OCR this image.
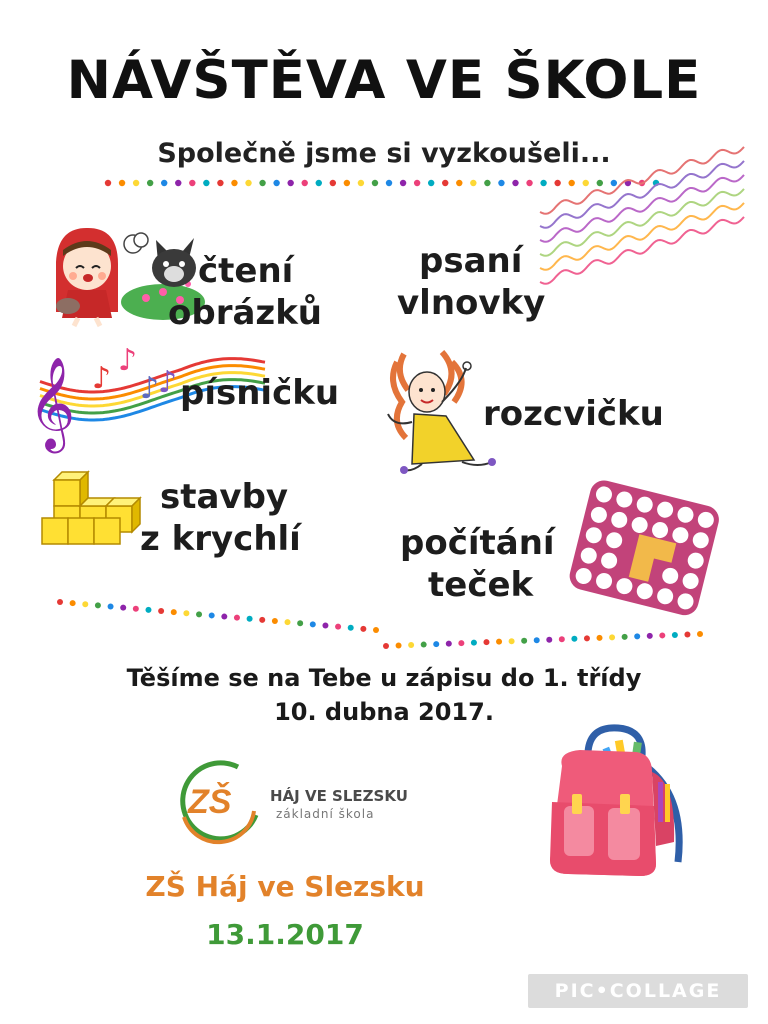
NÁVŠTĚVA VE ŠKOLE
Společně jsme si vyzkoušeli...
čtení
obrázků
psaní
vlnovky
𝄞 ♪
♪
♪
♪ písničku
rozcvičku
stavby
z krychlí	počítání
teček
Těšíme se na Tebe u zápisu do 1. třídy
10. dubna 2017.
ZŠ	HÁJ VE SLEZSKU
základní škola
ZŠ Háj ve Slezsku
13.1.2017
PIC•COLLAGE
